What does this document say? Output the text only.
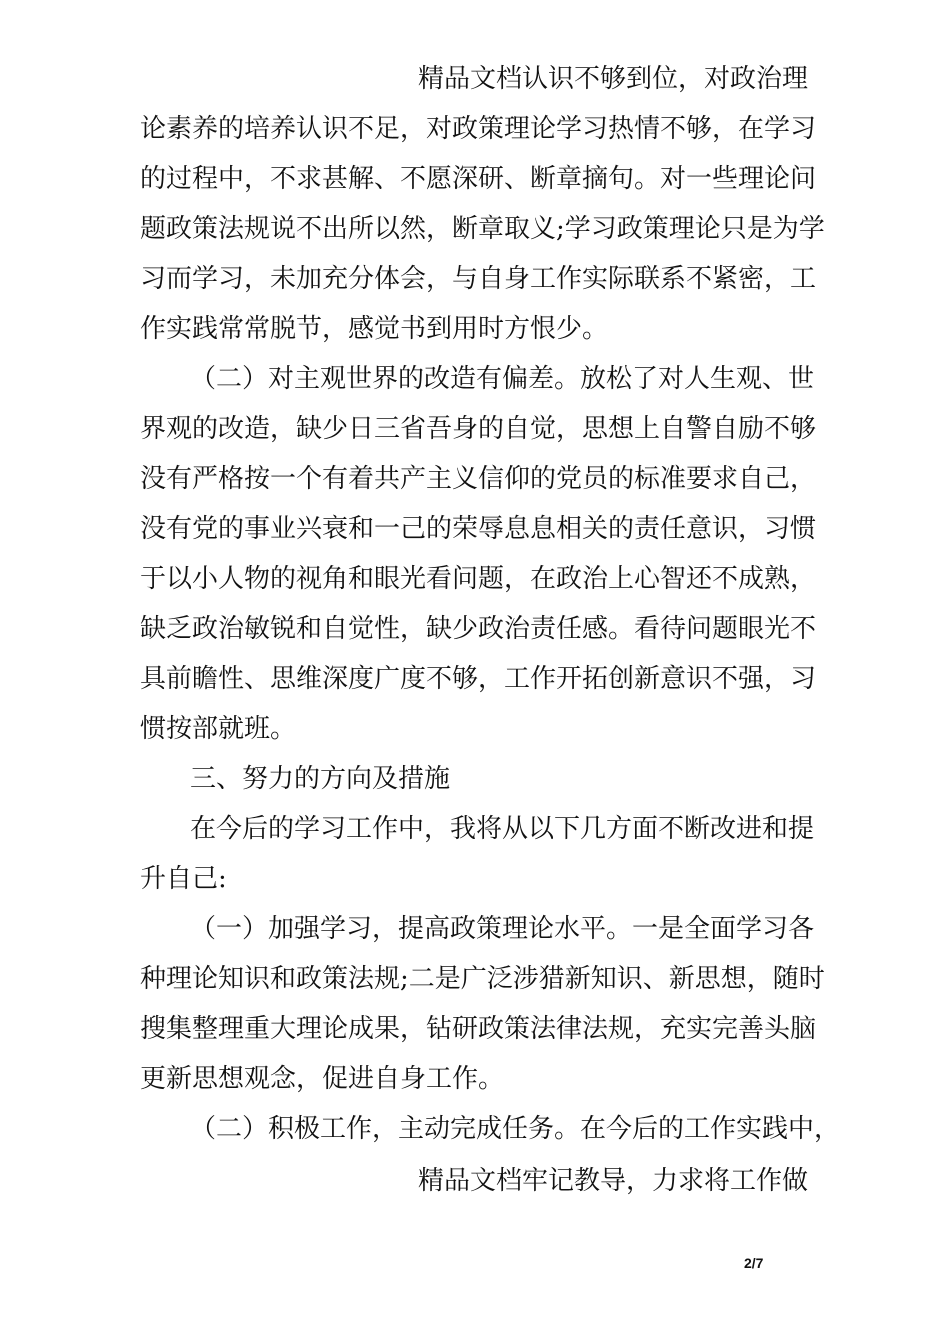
精品文档认识不够到位，对政治理
论素养的培养认识不足，对政策理论学习热情不够，在学习
的过程中，不求甚解、不愿深研、断章摘句。对一些理论问
题政策法规说不出所以然，断章取义;学习政策理论只是为学
习而学习，未加充分体会，与自身工作实际联系不紧密，工
作实践常常脱节，感觉书到用时方恨少。
（二）对主观世界的改造有偏差。放松了对人生观、世
界观的改造，缺少日三省吾身的自觉，思想上自警自励不够
没有严格按一个有着共产主义信仰的党员的标准要求自己，
没有党的事业兴衰和一己的荣辱息息相关的责任意识，习惯
于以小人物的视角和眼光看问题，在政治上心智还不成熟，
缺乏政治敏锐和自觉性，缺少政治责任感。看待问题眼光不
具前瞻性、思维深度广度不够，工作开拓创新意识不强，习
惯按部就班。
三、努力的方向及措施
在今后的学习工作中，我将从以下几方面不断改进和提
升自己:
（一）加强学习，提高政策理论水平。一是全面学习各
种理论知识和政策法规;二是广泛涉猎新知识、新思想，随时
搜集整理重大理论成果，钻研政策法律法规，充实完善头脑
更新思想观念，促进自身工作。
（二）积极工作，主动完成任务。在今后的工作实践中，
精品文档牢记教导，力求将工作做
2/7
